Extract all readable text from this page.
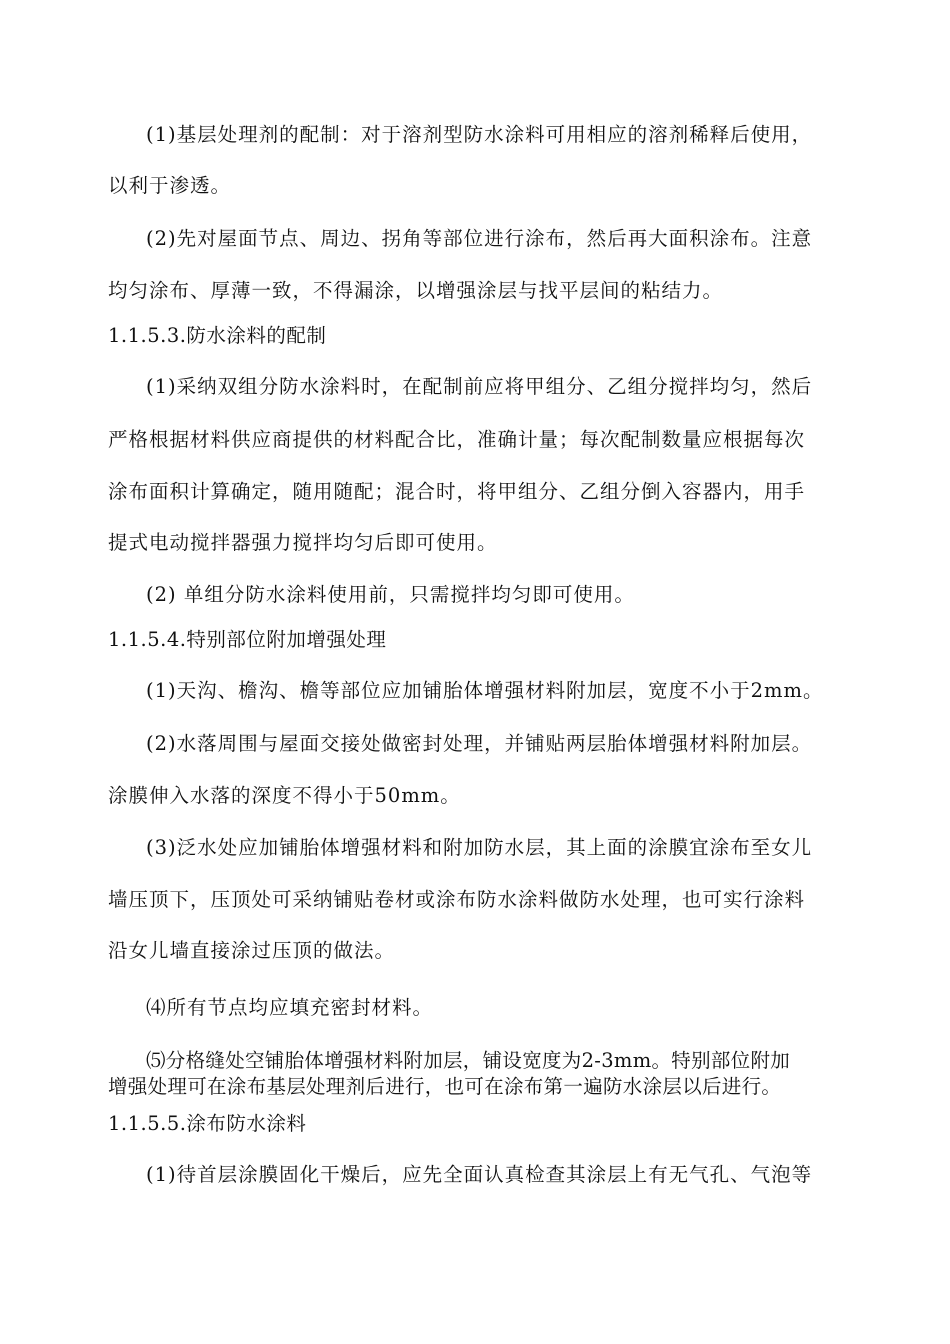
(1)基层处理剂的配制：对于溶剂型防水涂料可用相应的溶剂稀释后使用，
以利于渗透。
(2)先对屋面节点、周边、拐角等部位进行涂布，然后再大面积涂布。注意
均匀涂布、厚薄一致，不得漏涂，以增强涂层与找平层间的粘结力。
1.1.5.3.防水涂料的配制
(1)采纳双组分防水涂料时，在配制前应将甲组分、乙组分搅拌均匀，然后
严格根据材料供应商提供的材料配合比，准确计量；每次配制数量应根据每次
涂布面积计算确定，随用随配；混合时，将甲组分、乙组分倒入容器内，用手
提式电动搅拌器强力搅拌均匀后即可使用。
(2) 单组分防水涂料使用前，只需搅拌均匀即可使用。
1.1.5.4.特别部位附加增强处理
(1)天沟、檐沟、檐等部位应加铺胎体增强材料附加层，宽度不小于2mm。
(2)水落周围与屋面交接处做密封处理，并铺贴两层胎体增强材料附加层。
涂膜伸入水落的深度不得小于50mm。
(3)泛水处应加铺胎体增强材料和附加防水层，其上面的涂膜宜涂布至女儿
墙压顶下，压顶处可采纳铺贴卷材或涂布防水涂料做防水处理，也可实行涂料
沿女儿墙直接涂过压顶的做法。
⑷所有节点均应填充密封材料。
⑸分格缝处空铺胎体增强材料附加层，铺设宽度为2-3mm。特别部位附加
增强处理可在涂布基层处理剂后进行，也可在涂布第一遍防水涂层以后进行。
1.1.5.5.涂布防水涂料
(1)待首层涂膜固化干燥后，应先全面认真检查其涂层上有无气孔、气泡等
